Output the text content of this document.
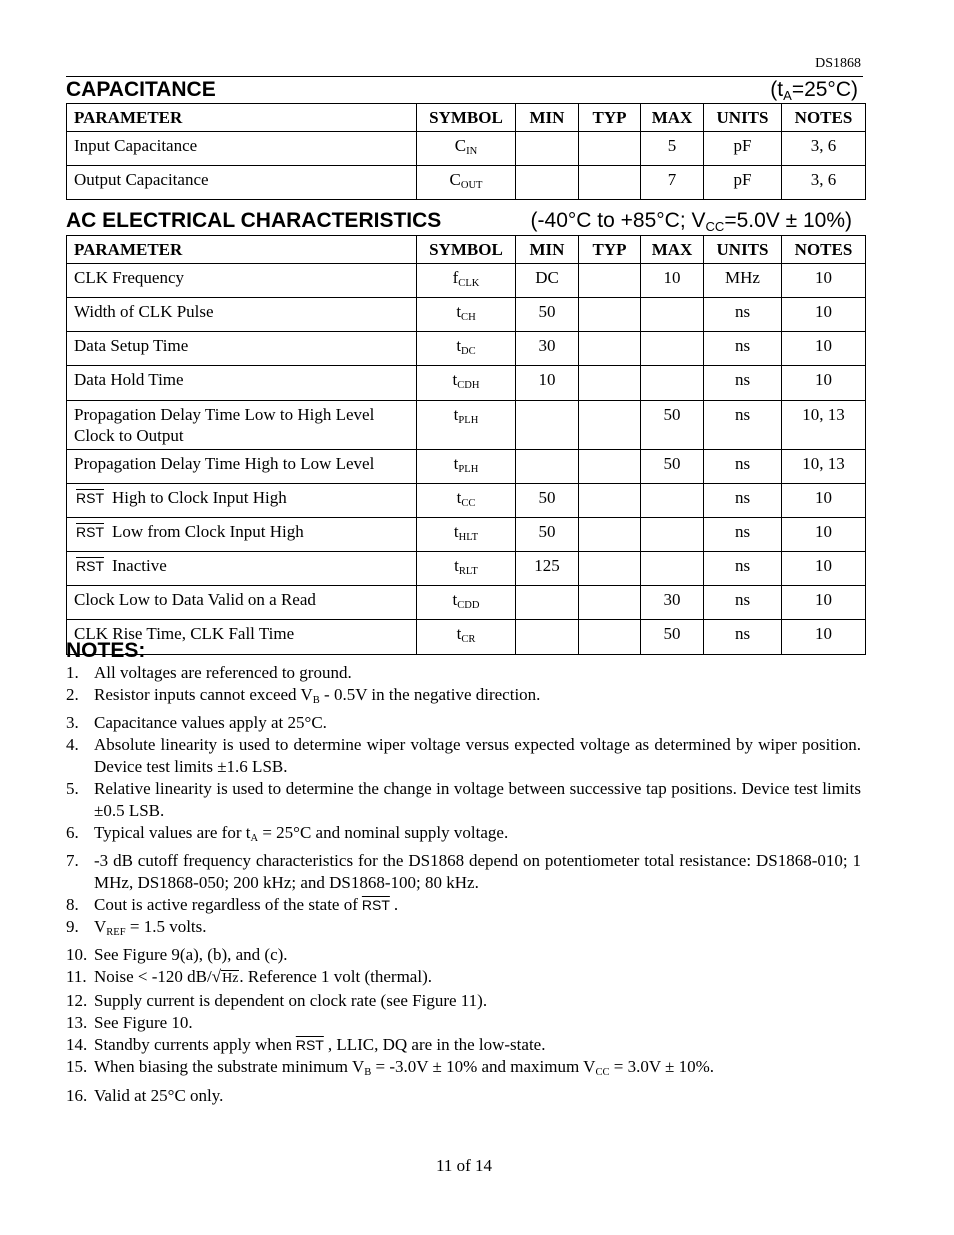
DS1868
CAPACITANCE	$(t_A=25^\circ C)$
PARAMETER	SYMBOL	MIN	TYP	MAX	UNITS	NOTES
Input Capacitance	$C_{IN}$			5	pF	3, 6
Output Capacitance	$C_{OUT}$			7	pF	3, 6
AC ELECTRICAL CHARACTERISTICS	(-40°C to +85°C; $V_{CC}=5.0V \pm 10\%$)
PARAMETER	SYMBOL	MIN	TYP	MAX	UNITS	NOTES
CLK Frequency	$f_{CLK}$	DC		10	MHz	10
Width of CLK Pulse	$t_{CH}$	50			ns	10
Data Setup Time	$t_{DC}$	30			ns	10
Data Hold Time	$t_{CDH}$	10			ns	10
Propagation Delay Time Low to High Level
Clock to Output	$t_{PLH}$			50	ns	10, 13
Propagation Delay Time High to Low Level	$t_{PLH}$			50	ns	10, 13
$\overline{RST}$ High to Clock Input High	$t_{CC}$	50			ns	10
$\overline{RST}$ Low from Clock Input High	$t_{HLT}$	50			ns	10
$\overline{RST}$ Inactive	$t_{RLT}$	125			ns	10
Clock Low to Data Valid on a Read	$t_{CDD}$			30	ns	10
CLK Rise Time, CLK Fall Time	$t_{CR}$			50	ns	10
NOTES:
1. All voltages are referenced to ground.
2. Resistor inputs cannot exceed $V_B - 0.5V$ in the negative direction.
3. Capacitance values apply at 25°C.
4. Absolute linearity is used to determine wiper voltage versus expected voltage as determined by wiper position. Device test limits ±1.6 LSB.
5. Relative linearity is used to determine the change in voltage between successive tap positions. Device test limits ±0.5 LSB.
6. Typical values are for $t_A = 25^\circ C$ and nominal supply voltage.
7. -3 dB cutoff frequency characteristics for the DS1868 depend on potentiometer total resistance: DS1868-010; 1 MHz, DS1868-050; 200 kHz; and DS1868-100; 80 kHz.
8. Cout is active regardless of the state of $\overline{RST}$ .
9. $V_{REF} = 1.5$ volts.
10. See Figure 9(a), (b), and (c).
11. Noise < -120 dB/√Hz. Reference 1 volt (thermal).
12. Supply current is dependent on clock rate (see Figure 11).
13. See Figure 10.
14. Standby currents apply when $\overline{RST}$ , LLIC, DQ are in the low-state.
15. When biasing the substrate minimum $V_B = -3.0V \pm 10\%$ and maximum $V_{CC} = 3.0V \pm 10\%$.
16. Valid at 25°C only.
11 of 14
